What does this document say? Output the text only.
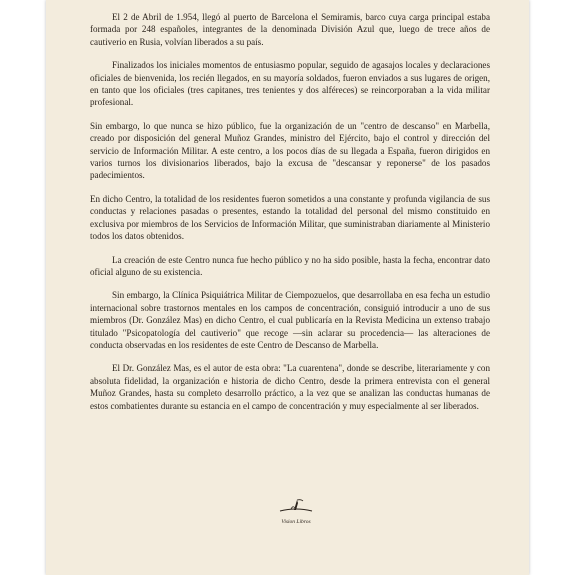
El 2 de Abril de 1.954, llegó al puerto de Barcelona el Semiramis, barco cuya carga principal estaba formada por 248 españoles, integrantes de la denominada División Azul que, luego de trece años de cautiverio en Rusia, volvían liberados a su país.

Finalizados los iniciales momentos de entusiasmo popular, seguido de agasajos locales y declaraciones oficiales de bienvenida, los recién llegados, en su mayoría soldados, fueron enviados a sus lugares de origen, en tanto que los oficiales (tres capitanes, tres tenientes y dos alféreces) se reincorporaban a la vida militar profesional.

Sin embargo, lo que nunca se hizo público, fue la organización de un "centro de descanso" en Marbella, creado por disposición del general Muñoz Grandes, ministro del Ejército, bajo el control y dirección del servicio de Información Militar. A este centro, a los pocos días de su llegada a España, fueron dirigidos en varios turnos los divisionarios liberados, bajo la excusa de "descansar y reponerse" de los pasados padecimientos.

En dicho Centro, la totalidad de los residentes fueron sometidos a una constante y profunda vigilancia de sus conductas y relaciones pasadas o presentes, estando la totalidad del personal del mismo constituido en exclusiva por miembros de los Servicios de Información Militar, que suministraban diariamente al Ministerio todos los datos obtenidos.

La creación de este Centro nunca fue hecho público y no ha sido posible, hasta la fecha, encontrar dato oficial alguno de su existencia.

Sin embargo, la Clínica Psiquiátrica Militar de Ciempozuelos, que desarrollaba en esa fecha un estudio internacional sobre trastornos mentales en los campos de concentración, consiguió introducir a uno de sus miembros (Dr. González Mas) en dicho Centro, el cual publicaría en la Revista Medicina un extenso trabajo titulado "Psicopatología del cautiverio" que recoge —sin aclarar su procedencia— las alteraciones de conducta observadas en los residentes de este Centro de Descanso de Marbella.

El Dr. González Mas, es el autor de esta obra: "La cuarentena", donde se describe, literariamente y con absoluta fidelidad, la organización e historia de dicho Centro, desde la primera entrevista con el general Muñoz Grandes, hasta su completo desarrollo práctico, a la vez que se analizan las conductas humanas de estos combatientes durante su estancia en el campo de concentración y muy especialmente al ser liberados.

Vision Libros
